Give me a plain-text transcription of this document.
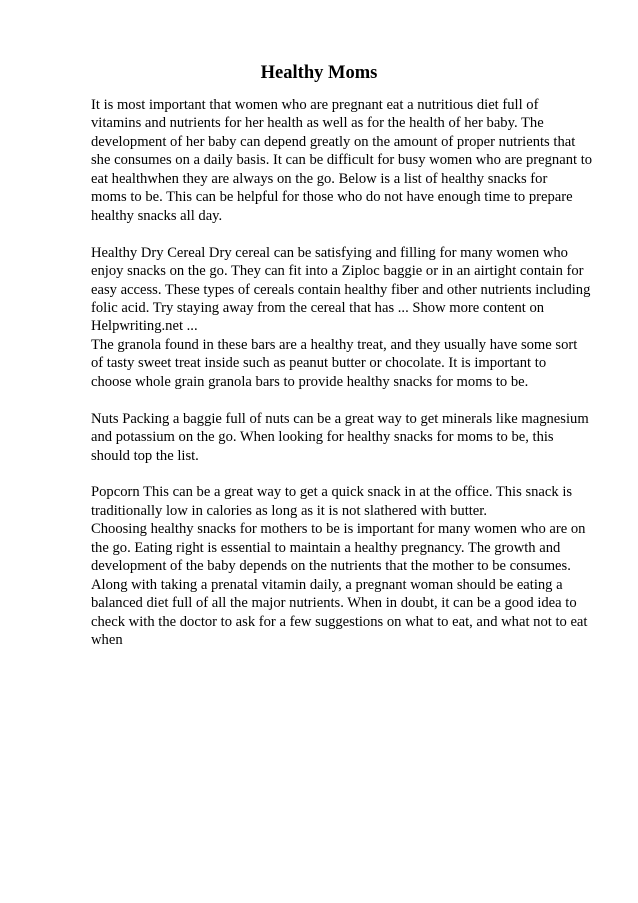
Healthy Moms

It is most important that women who are pregnant eat a nutritious diet full of
vitamins and nutrients for her health as well as for the health of her baby. The
development of her baby can depend greatly on the amount of proper nutrients that
she consumes on a daily basis. It can be difficult for busy women who are pregnant to
eat healthwhen they are always on the go. Below is a list of healthy snacks for
moms to be. This can be helpful for those who do not have enough time to prepare
healthy snacks all day.

Healthy Dry Cereal Dry cereal can be satisfying and filling for many women who
enjoy snacks on the go. They can fit into a Ziploc baggie or in an airtight contain for
easy access. These types of cereals contain healthy fiber and other nutrients including
folic acid. Try staying away from the cereal that has ... Show more content on
Helpwriting.net ...

The granola found in these bars are a healthy treat, and they usually have some sort
of tasty sweet treat inside such as peanut butter or chocolate. It is important to
choose whole grain granola bars to provide healthy snacks for moms to be.

Nuts Packing a baggie full of nuts can be a great way to get minerals like magnesium
and potassium on the go. When looking for healthy snacks for moms to be, this
should top the list.

Popcorn This can be a great way to get a quick snack in at the office. This snack is
traditionally low in calories as long as it is not slathered with butter.

Choosing healthy snacks for mothers to be is important for many women who are on
the go. Eating right is essential to maintain a healthy pregnancy. The growth and
development of the baby depends on the nutrients that the mother to be consumes.
Along with taking a prenatal vitamin daily, a pregnant woman should be eating a
balanced diet full of all the major nutrients. When in doubt, it can be a good idea to
check with the doctor to ask for a few suggestions on what to eat, and what not to eat
when
